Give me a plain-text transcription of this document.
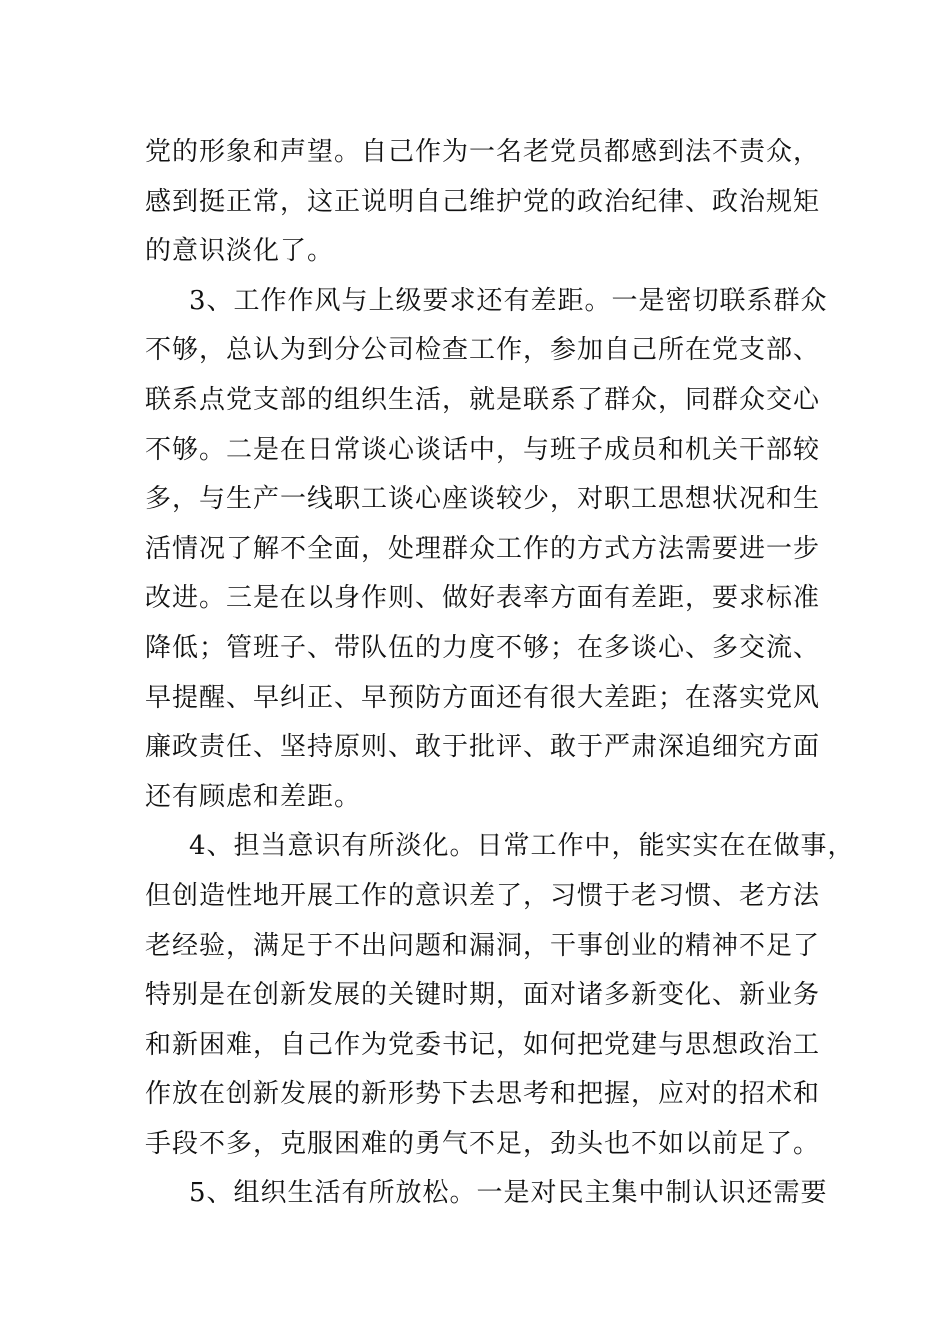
党的形象和声望。自己作为一名老党员都感到法不责众，
感到挺正常，这正说明自己维护党的政治纪律、政治规矩
的意识淡化了。
3、工作作风与上级要求还有差距。一是密切联系群众
不够，总认为到分公司检查工作，参加自己所在党支部、
联系点党支部的组织生活，就是联系了群众，同群众交心
不够。二是在日常谈心谈话中，与班子成员和机关干部较
多，与生产一线职工谈心座谈较少，对职工思想状况和生
活情况了解不全面，处理群众工作的方式方法需要进一步
改进。三是在以身作则、做好表率方面有差距，要求标准
降低；管班子、带队伍的力度不够；在多谈心、多交流、
早提醒、早纠正、早预防方面还有很大差距；在落实党风
廉政责任、坚持原则、敢于批评、敢于严肃深追细究方面
还有顾虑和差距。
4、担当意识有所淡化。日常工作中，能实实在在做事，
但创造性地开展工作的意识差了，习惯于老习惯、老方法
老经验，满足于不出问题和漏洞，干事创业的精神不足了
特别是在创新发展的关键时期，面对诸多新变化、新业务
和新困难，自己作为党委书记，如何把党建与思想政治工
作放在创新发展的新形势下去思考和把握，应对的招术和
手段不多，克服困难的勇气不足，劲头也不如以前足了。
5、组织生活有所放松。一是对民主集中制认识还需要
